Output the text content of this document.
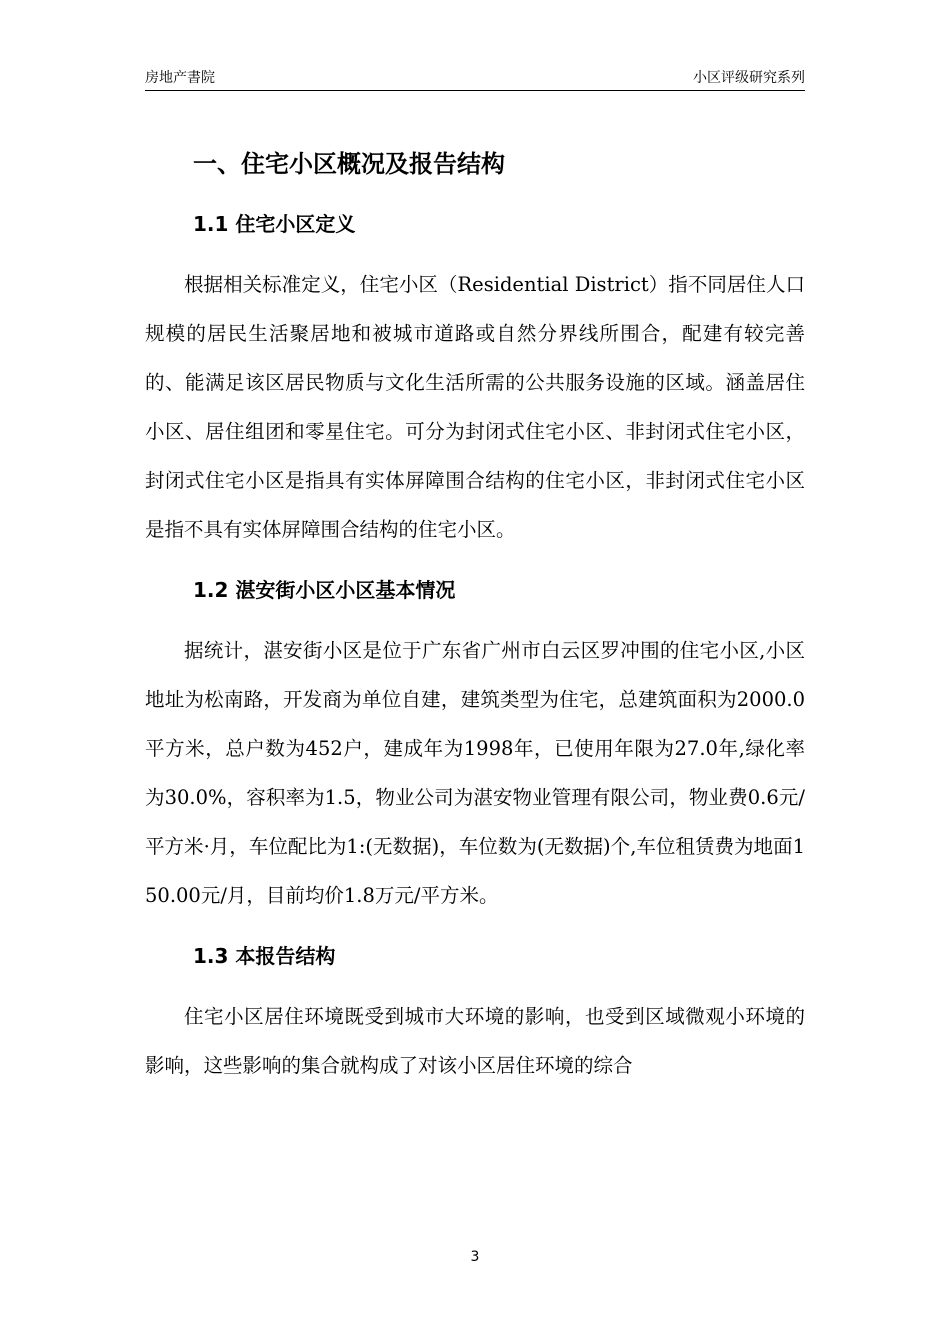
房地产書院	小区评级研究系列
一、住宅小区概况及报告结构
1.1 住宅小区定义

根据相关标准定义，住宅小区（Residential District）指不同居住人口规模的居民生活聚居地和被城市道路或自然分界线所围合，配建有较完善的、能满足该区居民物质与文化生活所需的公共服务设施的区域。涵盖居住小区、居住组团和零星住宅。可分为封闭式住宅小区、非封闭式住宅小区，封闭式住宅小区是指具有实体屏障围合结构的住宅小区，非封闭式住宅小区是指不具有实体屏障围合结构的住宅小区。

1.2 湛安街小区小区基本情况

据统计，湛安街小区是位于广东省广州市白云区罗冲围的住宅小区,小区地址为松南路，开发商为单位自建，建筑类型为住宅，总建筑面积为2000.0平方米，总户数为452户，建成年为1998年，已使用年限为27.0年,绿化率为30.0%，容积率为1.5，物业公司为湛安物业管理有限公司，物业费0.6元/平方米·月，车位配比为1:(无数据)，车位数为(无数据)个,车位租赁费为地面150.00元/月，目前均价1.8万元/平方米。

1.3 本报告结构

住宅小区居住环境既受到城市大环境的影响，也受到区域微观小环境的影响，这些影响的集合就构成了对该小区居住环境的综合

3
